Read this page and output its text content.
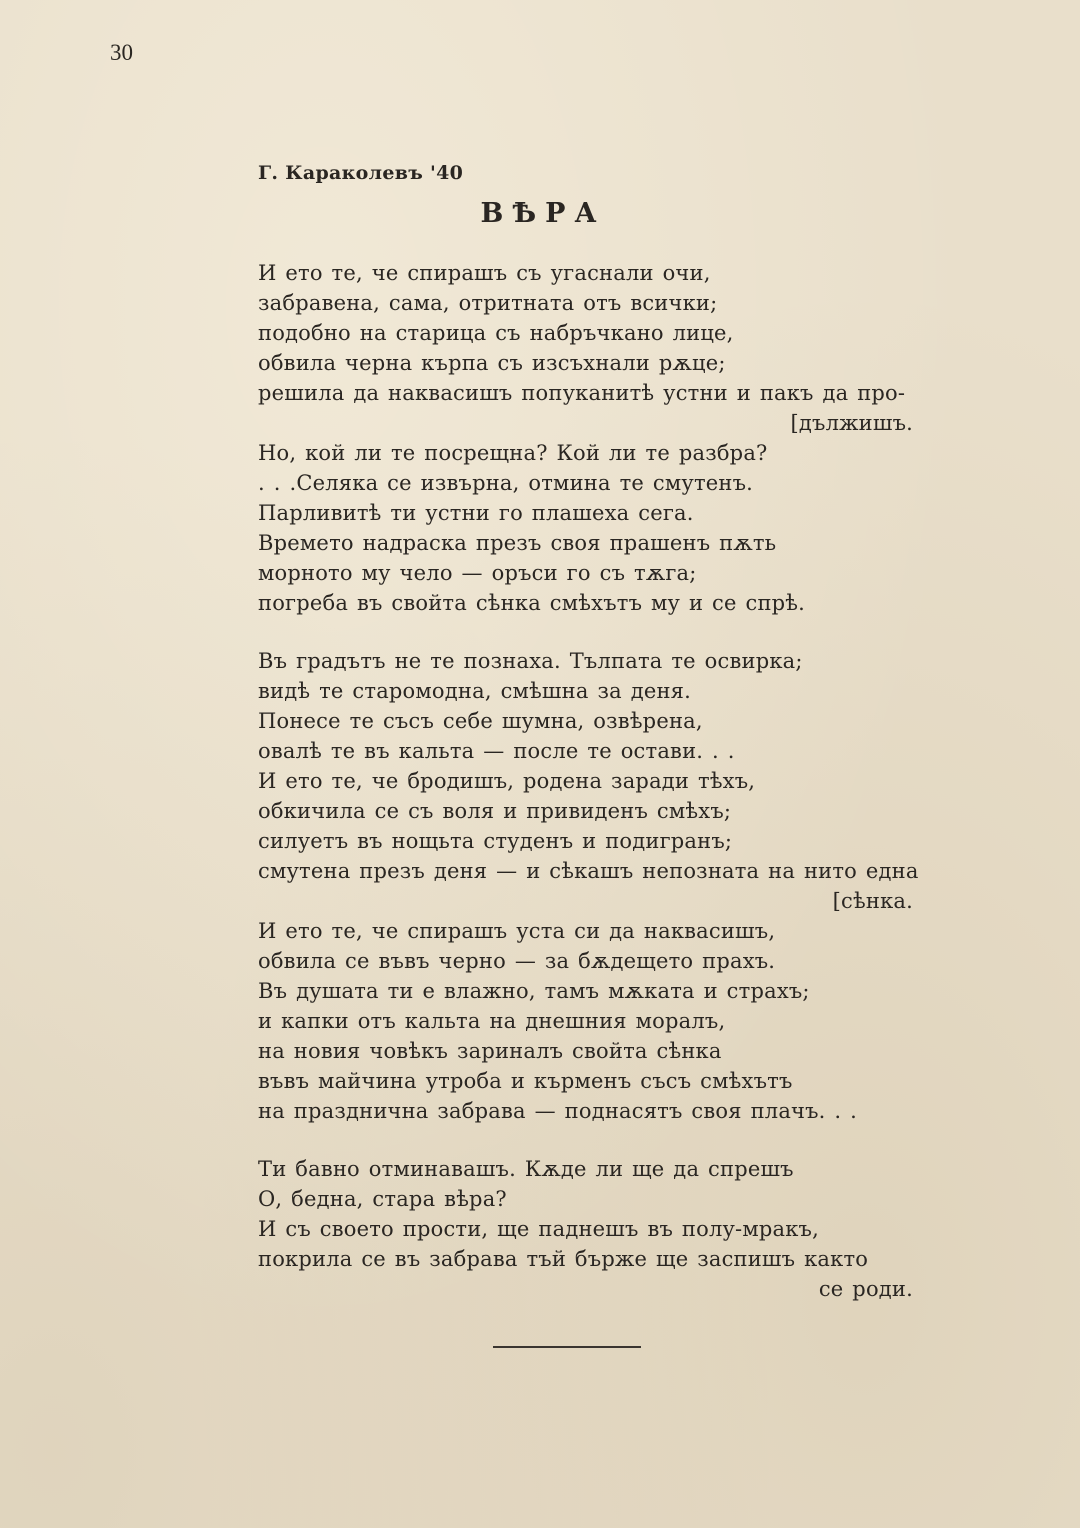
30
Г. Караколевъ '40
ВѢРА
И ето те, че спирашъ съ угаснали очи,
забравена, сама, отритната отъ всички;
подобно на старица съ набръчкано лице,
обвила черна кърпа съ изсъхнали рѫце;
решила да наквасишъ попуканитѣ устни и пакъ да про-
[дължишъ.
Но, кой ли те посрещна? Кой ли те разбра?
. . .Селяка се извърна, отмина те смутенъ.
Парливитѣ ти устни го плашеха сега.
Времето надраска презъ своя прашенъ пѫть
морното му чело — оръси го съ тѫга;
погреба въ свойта сѣнка смѣхътъ му и се спрѣ.
Въ градътъ не те познаха. Тълпата те освирка;
видѣ те старомодна, смѣшна за деня.
Понесе те съсъ себе шумна, озвѣрена,
овалѣ те въ кальта — после те остави. . .
И ето те, че бродишъ, родена заради тѣхъ,
обкичила се съ воля и привиденъ смѣхъ;
силуетъ въ нощьта студенъ и подигранъ;
смутена презъ деня — и сѣкашъ непозната на нито една
[сѣнка.
И ето те, че спирашъ уста си да наквасишъ,
обвила се въвъ черно — за бѫдещето прахъ.
Въ душата ти е влажно, тамъ мѫката и страхъ;
и капки отъ кальта на днешния моралъ,
на новия човѣкъ зариналъ свойта сѣнка
въвъ майчина утроба и кърменъ съсъ смѣхътъ
на празднична забрава — поднасятъ своя плачъ. . .
Ти бавно отминавашъ. Кѫде ли ще да спрешъ
О, бедна, стара вѣра?
И съ своето прости, ще паднешъ въ полу-мракъ,
покрила се въ забрава тъй бърже ще заспишъ както
се роди.
